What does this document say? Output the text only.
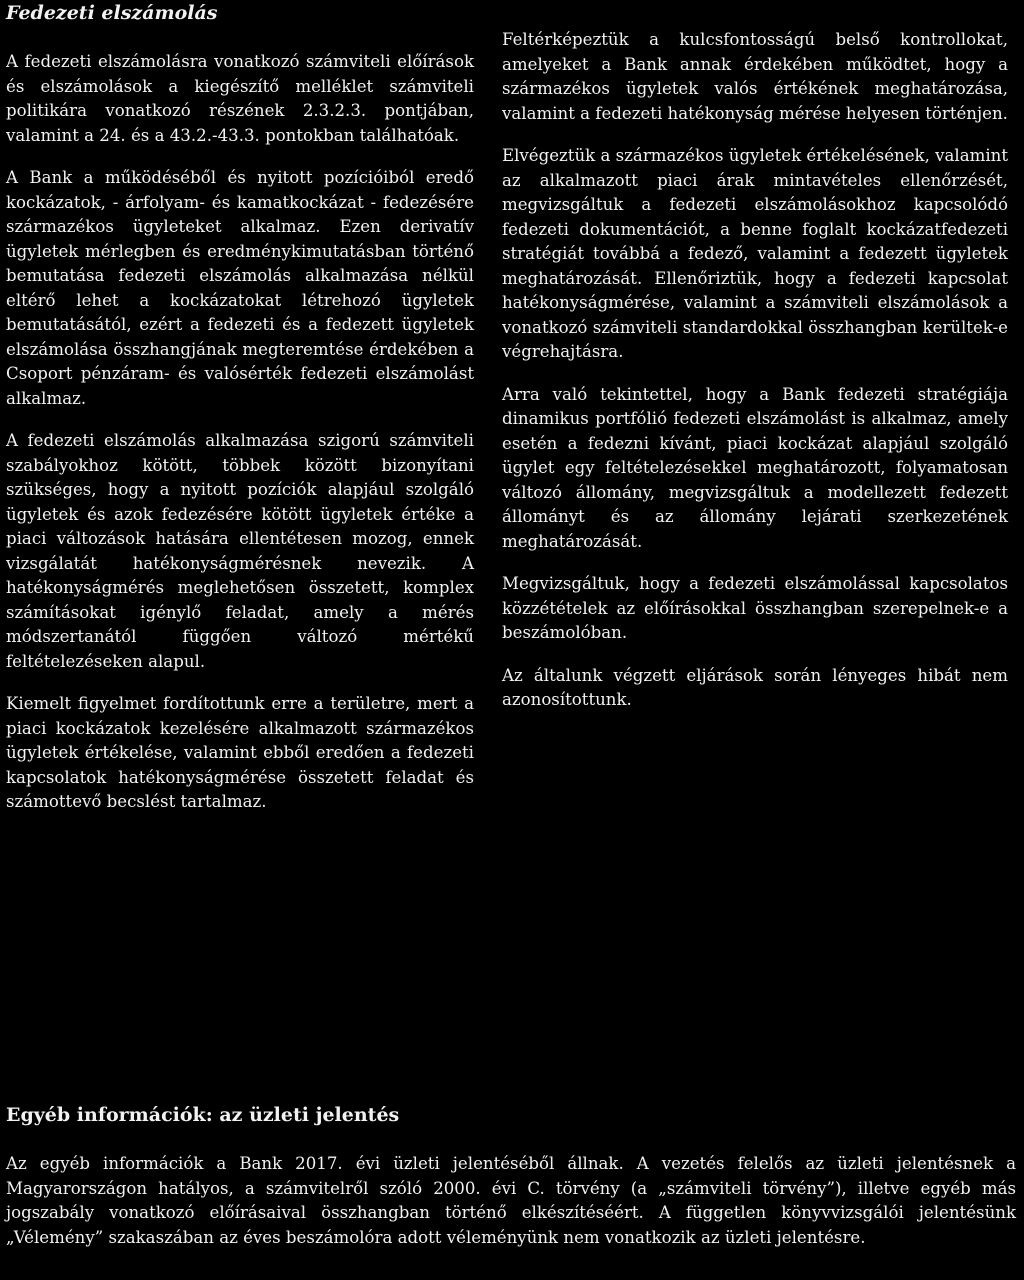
Fedezeti elszámolás

A fedezeti elszámolásra vonatkozó számviteli előírások és elszámolások a kiegészítő melléklet számviteli politikára vonatkozó részének 2.3.2.3. pontjában, valamint a 24. és a 43.2.-43.3. pontokban találhatóak.

A Bank a működéséből és nyitott pozícióiból eredő kockázatok, - árfolyam- és kamatkockázat - fedezésére származékos ügyleteket alkalmaz. Ezen derivatív ügyletek mérlegben és eredménykimutatásban történő bemutatása fedezeti elszámolás alkalmazása nélkül eltérő lehet a kockázatokat létrehozó ügyletek bemutatásától, ezért a fedezeti és a fedezett ügyletek elszámolása összhangjának megteremtése érdekében a Csoport pénzáram- és valósérték fedezeti elszámolást alkalmaz.

A fedezeti elszámolás alkalmazása szigorú számviteli szabályokhoz kötött, többek között bizonyítani szükséges, hogy a nyitott pozíciók alapjául szolgáló ügyletek és azok fedezésére kötött ügyletek értéke a piaci változások hatására ellentétesen mozog, ennek vizsgálatát hatékonyságmérésnek nevezik. A hatékonyságmérés meglehetősen összetett, komplex számításokat igénylő feladat, amely a mérés módszertanától függően változó mértékű feltételezéseken alapul.

Kiemelt figyelmet fordítottunk erre a területre, mert a piaci kockázatok kezelésére alkalmazott származékos ügyletek értékelése, valamint ebből eredően a fedezeti kapcsolatok hatékonyságmérése összetett feladat és számottevő becslést tartalmaz.

Feltérképeztük a kulcsfontosságú belső kontrollokat, amelyeket a Bank annak érdekében működtet, hogy a származékos ügyletek valós értékének meghatározása, valamint a fedezeti hatékonyság mérése helyesen történjen.

Elvégeztük a származékos ügyletek értékelésének, valamint az alkalmazott piaci árak mintavételes ellenőrzését, megvizsgáltuk a fedezeti elszámolásokhoz kapcsolódó fedezeti dokumentációt, a benne foglalt kockázatfedezeti stratégiát továbbá a fedező, valamint a fedezett ügyletek meghatározását. Ellenőriztük, hogy a fedezeti kapcsolat hatékonyságmérése, valamint a számviteli elszámolások a vonatkozó számviteli standardokkal összhangban kerültek-e végrehajtásra.

Arra való tekintettel, hogy a Bank fedezeti stratégiája dinamikus portfólió fedezeti elszámolást is alkalmaz, amely esetén a fedezni kívánt, piaci kockázat alapjául szolgáló ügylet egy feltételezésekkel meghatározott, folyamatosan változó állomány, megvizsgáltuk a modellezett fedezett állományt és az állomány lejárati szerkezetének meghatározását.

Megvizsgáltuk, hogy a fedezeti elszámolással kapcsolatos közzétételek az előírásokkal összhangban szerepelnek-e a beszámolóban.

Az általunk végzett eljárások során lényeges hibát nem azonosítottunk.

Egyéb információk: az üzleti jelentés

Az egyéb információk a Bank 2017. évi üzleti jelentéséből állnak. A vezetés felelős az üzleti jelentésnek a Magyarországon hatályos, a számvitelről szóló 2000. évi C. törvény (a „számviteli törvény”), illetve egyéb más jogszabály vonatkozó előírásaival összhangban történő elkészítéséért. A független könyvvizsgálói jelentésünk „Vélemény” szakaszában az éves beszámolóra adott véleményünk nem vonatkozik az üzleti jelentésre.
